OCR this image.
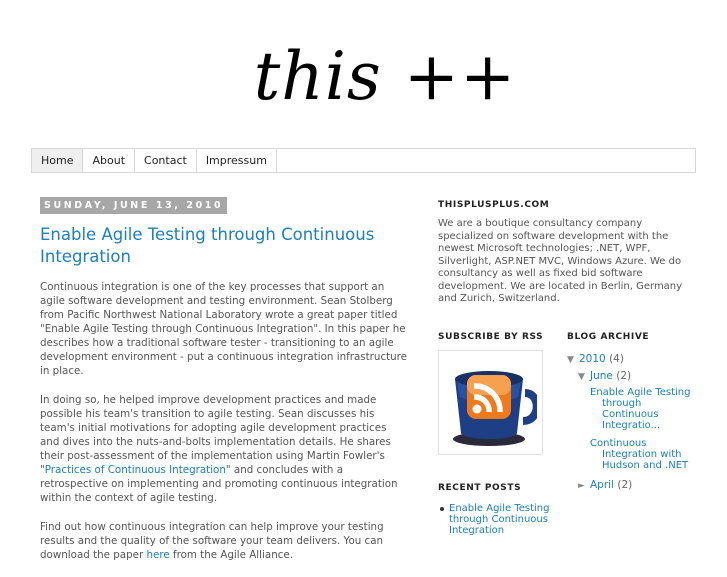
this ++
Home	About	Contact	Impressum
SUNDAY, JUNE 13, 2010
Enable Agile Testing through Continuous Integration

Continuous integration is one of the key processes that support an agile software development and testing environment. Sean Stolberg from Pacific Northwest National Laboratory wrote a great paper titled "Enable Agile Testing through Continuous Integration". In this paper he describes how a traditional software tester - transitioning to an agile development environment - put a continuous integration infrastructure in place.

In doing so, he helped improve development practices and made possible his team's transition to agile testing. Sean discusses his team's initial motivations for adopting agile development practices and dives into the nuts-and-bolts implementation details. He shares their post-assessment of the implementation using Martin Fowler's "Practices of Continuous Integration" and concludes with a retrospective on implementing and promoting continuous integration within the context of agile testing.

Find out how continuous integration can help improve your testing results and the quality of the software your team delivers. You can download the paper here from the Agile Alliance.

THISPLUSPLUS.COM
We are a boutique consultancy company specialized on software development with the newest Microsoft technologies; .NET, WPF, Silverlight, ASP.NET MVC, Windows Azure. We do consultancy as well as fixed bid software development. We are located in Berlin, Germany and Zurich, Switzerland.
SUBSCRIBE BY RSS
RECENT POSTS
Enable Agile Testing through Continuous Integration
BLOG ARCHIVE
▼ 2010 (4)
▼ June (2)
Enable Agile Testing through Continuous Integratio...
Continuous Integration with Hudson and .NET
► April (2)
